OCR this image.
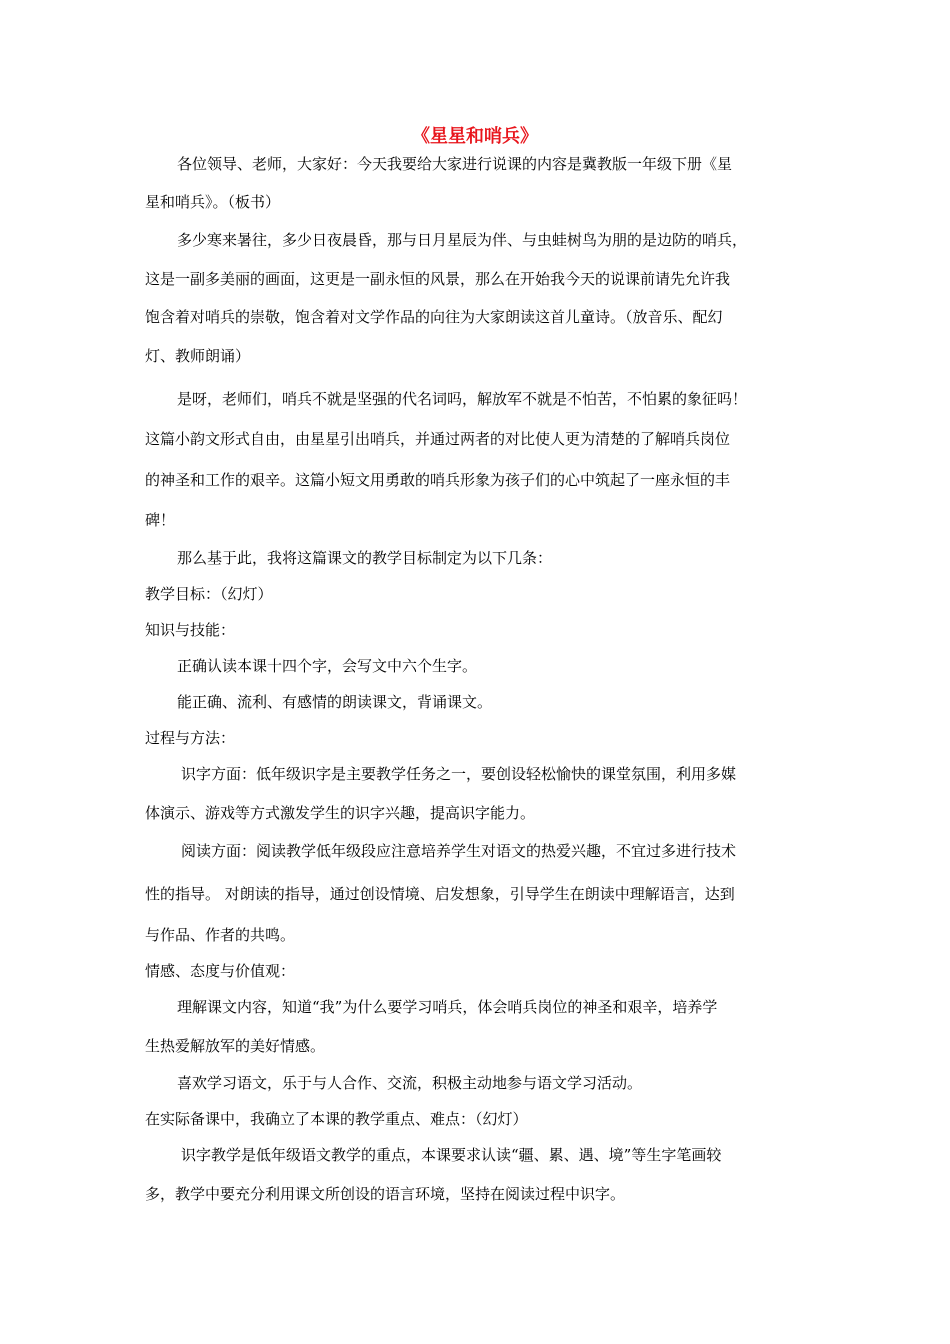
《星星和哨兵》
各位领导、老师，大家好：今天我要给大家进行说课的内容是冀教版一年级下册《星
星和哨兵》。（板书）
多少寒来暑往，多少日夜晨昏，那与日月星辰为伴、与虫蛙树鸟为朋的是边防的哨兵，
这是一副多美丽的画面，这更是一副永恒的风景，那么在开始我今天的说课前请先允许我
饱含着对哨兵的崇敬，饱含着对文学作品的向往为大家朗读这首儿童诗。（放音乐、配幻
灯、教师朗诵）
是呀，老师们，哨兵不就是坚强的代名词吗，解放军不就是不怕苦，不怕累的象征吗！
这篇小韵文形式自由，由星星引出哨兵，并通过两者的对比使人更为清楚的了解哨兵岗位
的神圣和工作的艰辛。这篇小短文用勇敢的哨兵形象为孩子们的心中筑起了一座永恒的丰
碑！
那么基于此，我将这篇课文的教学目标制定为以下几条：
教学目标：（幻灯）
知识与技能：
正确认读本课十四个字，会写文中六个生字。
能正确、流利、有感情的朗读课文，背诵课文。
过程与方法：
识字方面：低年级识字是主要教学任务之一，要创设轻松愉快的课堂氛围，利用多媒
体演示、游戏等方式激发学生的识字兴趣，提高识字能力。
阅读方面：阅读教学低年级段应注意培养学生对语文的热爱兴趣，不宜过多进行技术
性的指导。 对朗读的指导，通过创设情境、启发想象，引导学生在朗读中理解语言，达到
与作品、作者的共鸣。
情感、态度与价值观：
理解课文内容，知道“我”为什么要学习哨兵，体会哨兵岗位的神圣和艰辛，培养学
生热爱解放军的美好情感。
喜欢学习语文，乐于与人合作、交流，积极主动地参与语文学习活动。
在实际备课中，我确立了本课的教学重点、难点：（幻灯）
识字教学是低年级语文教学的重点，本课要求认读“疆、累、遇、境”等生字笔画较
多，教学中要充分利用课文所创设的语言环境，坚持在阅读过程中识字。
